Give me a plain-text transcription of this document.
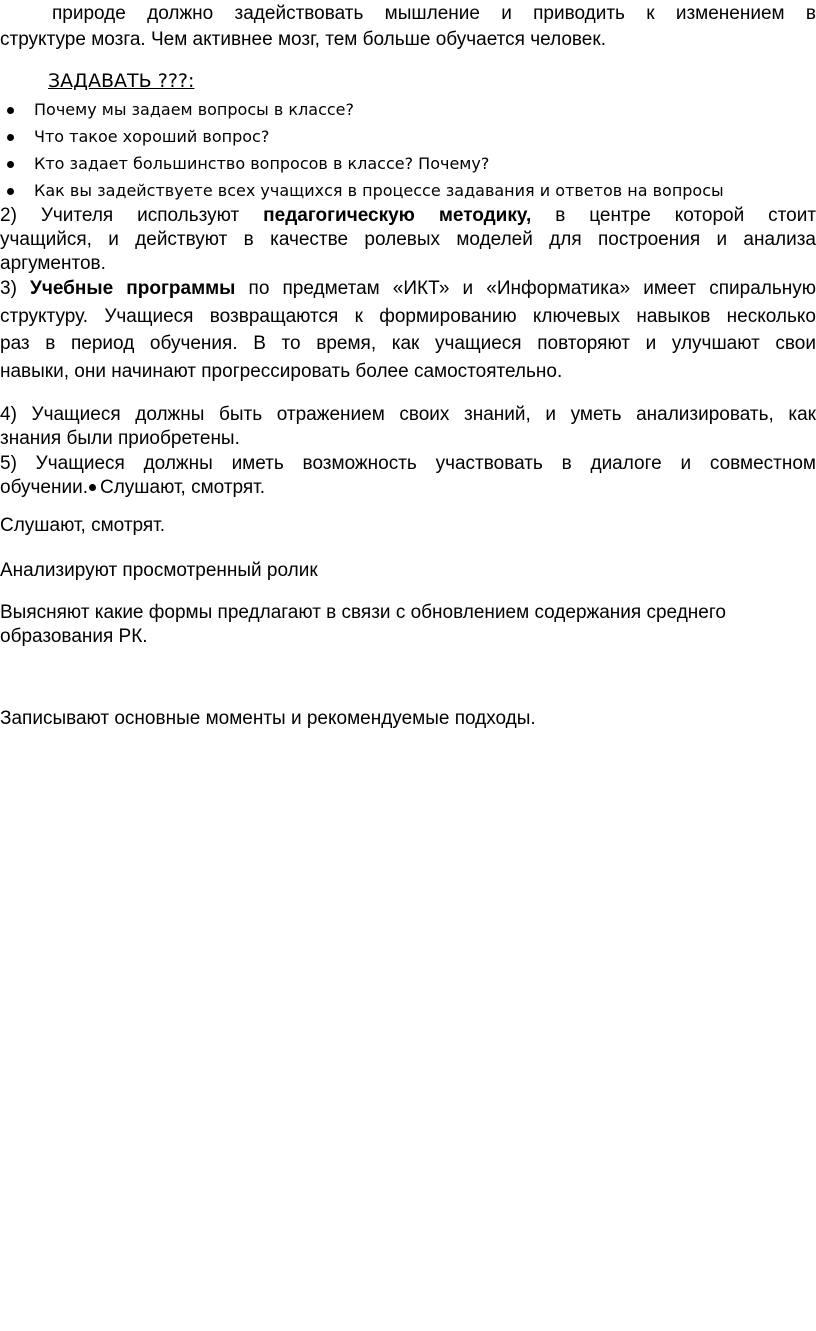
природе должно задействовать мышление и приводить к изменением в
структуре мозга. Чем активнее мозг, тем больше обучается человек.
ЗАДАВАТЬ ???:
Почему мы задаем вопросы в классе?
Что такое хороший вопрос?
Кто задает большинство вопросов в классе? Почему?
Как вы задействуете всех учащихся в процессе задавания и ответов на вопросы
2) Учителя используют педагогическую методику, в центре которой стоит
учащийся, и действуют в качестве ролевых моделей для построения и анализа
аргументов.
3) Учебные программы по предметам «ИКТ» и «Информатика» имеет спиральную
структуру. Учащиеся возвращаются к формированию ключевых навыков несколько
раз в период обучения. В то время, как учащиеся повторяют и улучшают свои
навыки, они начинают прогрессировать более самостоятельно.
4) Учащиеся должны быть отражением своих знаний, и уметь анализировать, как
знания были приобретены.
5) Учащиеся должны иметь возможность участвовать в диалоге и совместном
обучении. Слушают, смотрят.
Слушают, смотрят.
Анализируют просмотренный ролик
Выясняют какие формы предлагают в связи с обновлением содержания среднего
образования РК.
Записывают основные моменты и рекомендуемые подходы.
